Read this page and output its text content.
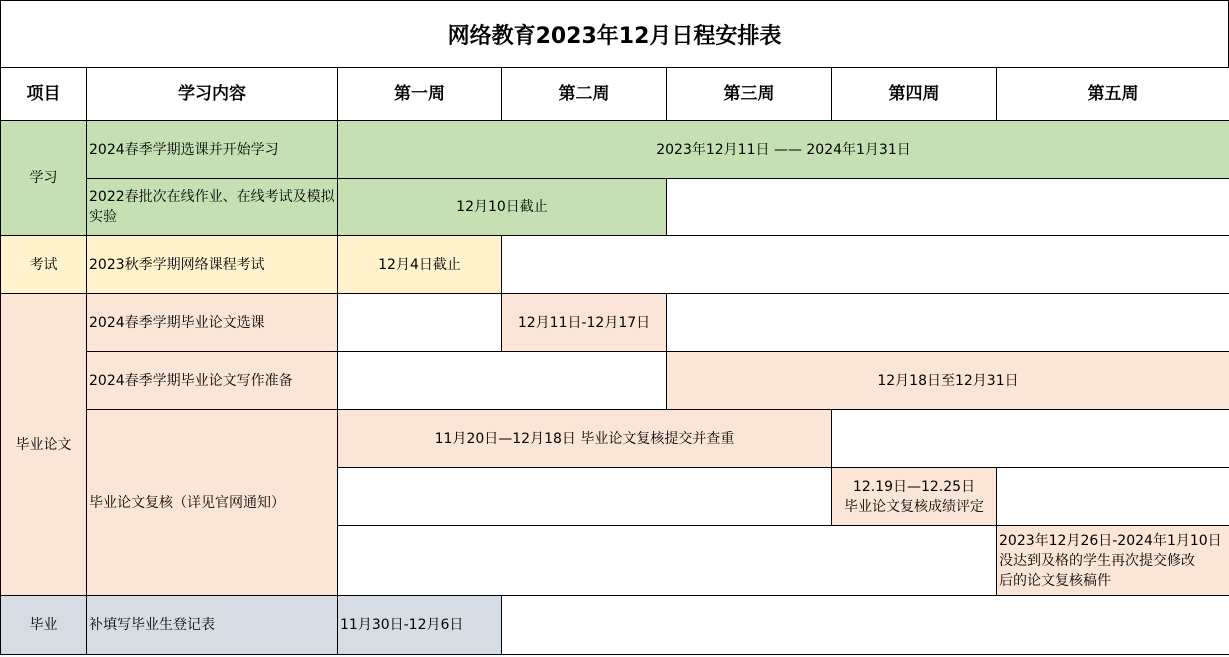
网络教育2023年12月日程安排表
项目	学习内容	第一周	第二周	第三周	第四周	第五周
学习	2024春季学期选课并开始学习	2023年12月11日 —— 2024年1月31日				
	2022春批次在线作业、在线考试及模拟实验	12月10日截止				
考试	2023秋季学期网络课程考试	12月4日截止				
毕业论文	2024春季学期毕业论文选课		12月11日-12月17日			
	2024春季学期毕业论文写作准备			12月18日至12月31日		
	毕业论文复核（详见官网通知）	11月20日—12月18日 毕业论文复核提交并查重				

					12.19日—12.25日
毕业论文复核成绩评定	

						2023年12月26日-2024年1月10日
没达到及格的学生再次提交修改
后的论文复核稿件

毕业	补填写毕业生登记表	11月30日-12月6日				
